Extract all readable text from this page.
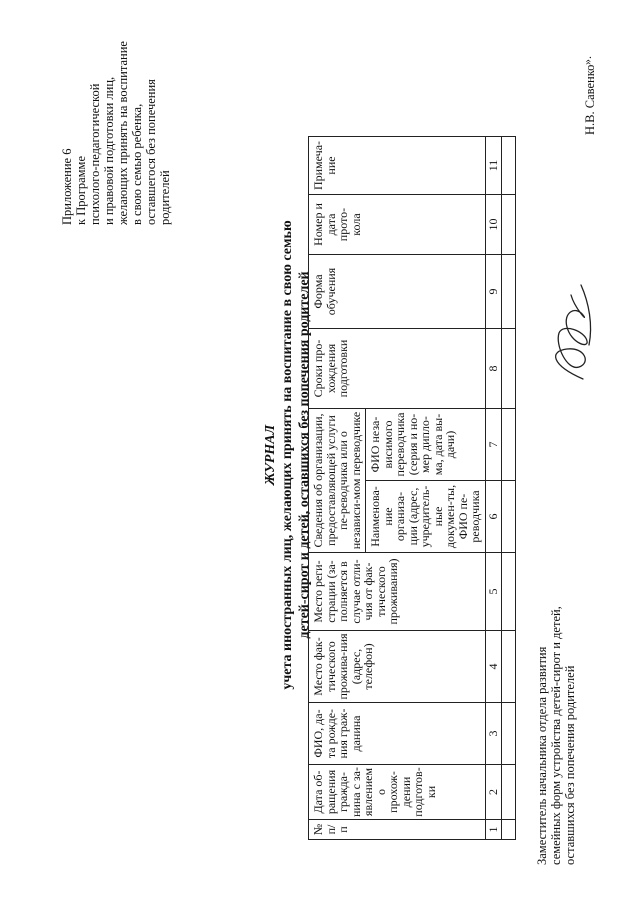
Приложение 6 к Программе психолого-педагогической и правовой подготовки лиц, желающих принять на воспитание в свою семью ребенка, оставшегося без попечения родителей
ЖУРНАЛ учета иностранных лиц, желающих принять на воспитание в свою семью детей-сирот и детей, оставшихся без попечения родителей
№ п/п	Дата об-ращения гражда-нина с за-явлением о прохож-дении подготов-ки	ФИО, да-та рожде-ния граж-данина	Место фак-тического прожива-ния (адрес, телефон)	Место реги-страции (за-полняется в случае отли-чия от фак-тического проживания)	Сведения об организации, предоставляющей услуги пе-реводчика или о независи-мом переводчике		Сроки про-хождения подготовки	Форма обучения	Номер и дата прото-кола	Примеча-ние
					Наименова-ние организа-ции (адрес, учредитель-ные докумен-ты, ФИО пе-реводчика	ФИО неза-висимого переводчика (серия и но-мер диплo-ма, дата вы-дачи)				
1	2	3	4	5	6	7	8	9	10	11

Заместитель начальника отдела развития семейных форм устройства детей-сирот и детей, оставшихся без попечения родителей
Н.В. Савенко
».
